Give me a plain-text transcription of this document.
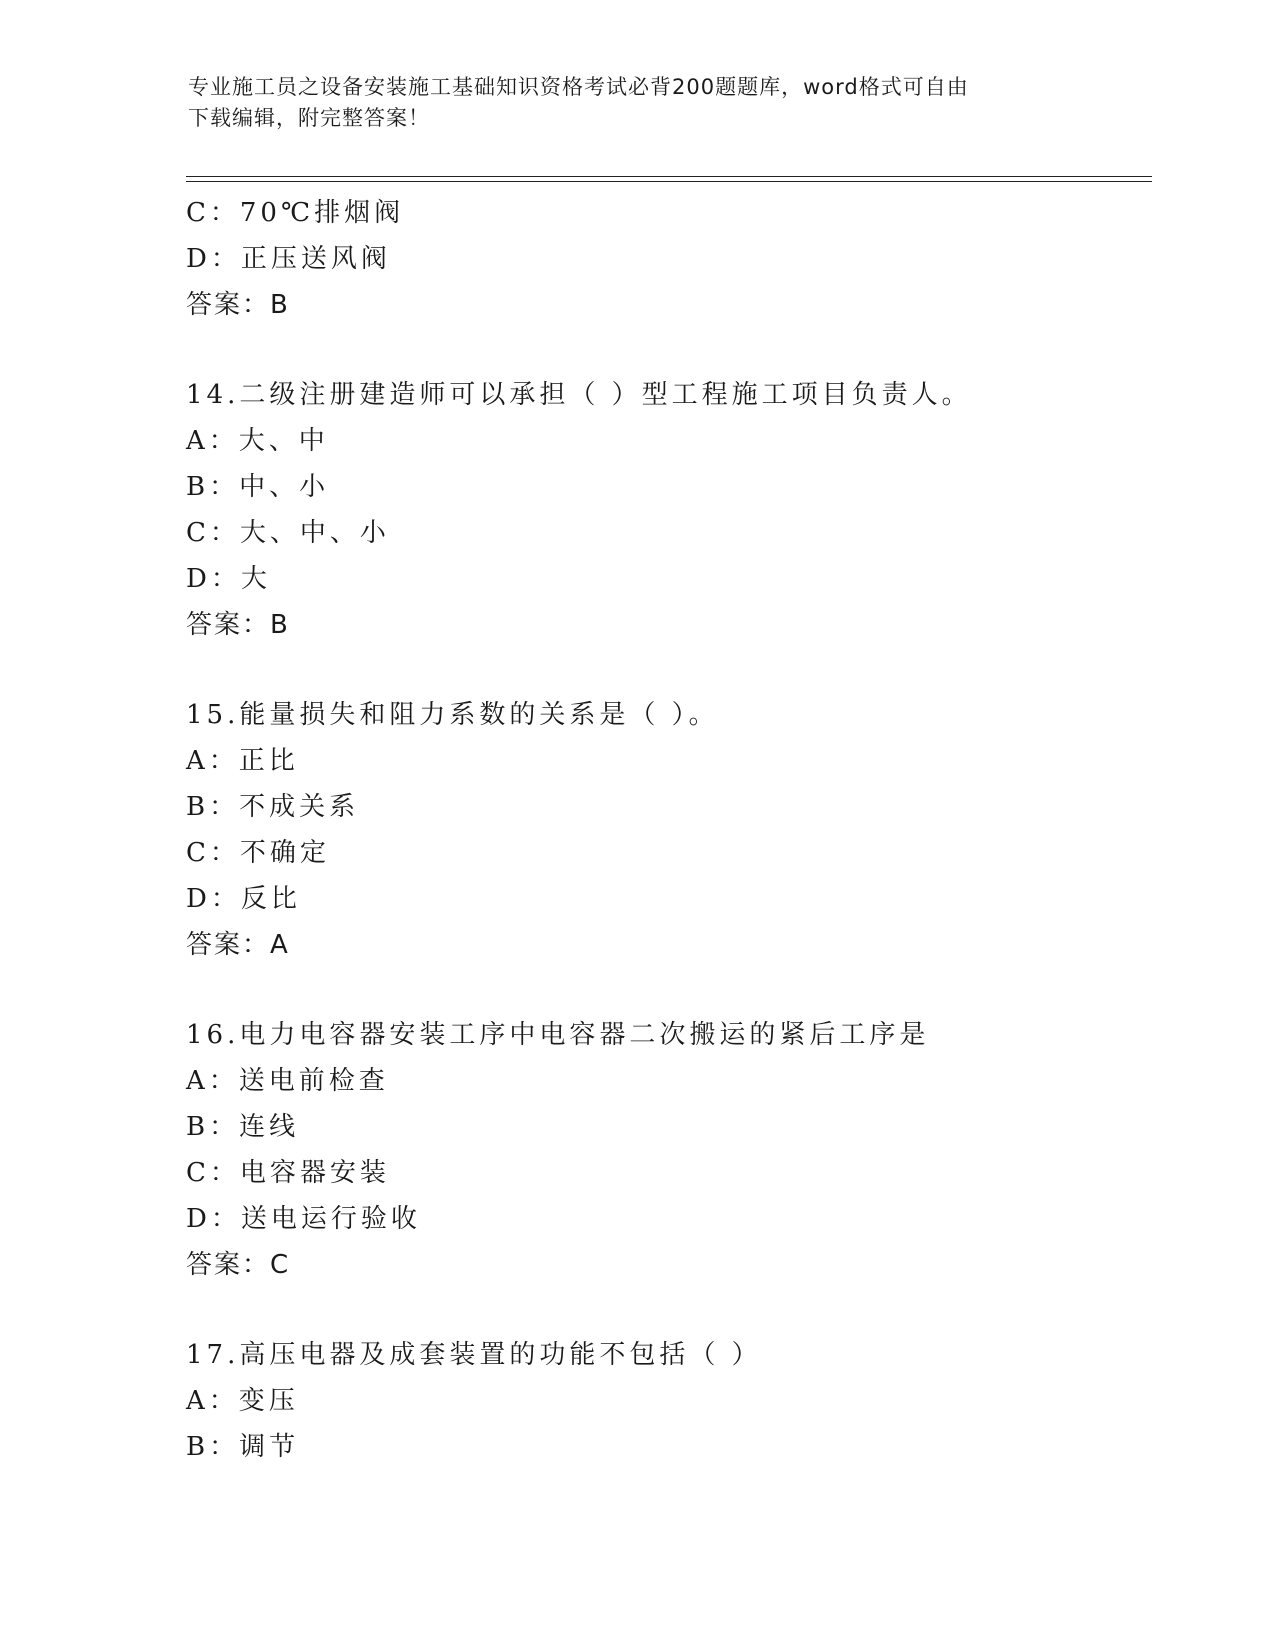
专业施工员之设备安装施工基础知识资格考试必背200题题库，word格式可自由
下载编辑，附完整答案！
C：70℃排烟阀
D：正压送风阀
答案：B
14.二级注册建造师可以承担（ ）型工程施工项目负责人。
A：大、中
B：中、小
C：大、中、小
D：大
答案：B
15.能量损失和阻力系数的关系是（ ）。
A：正比
B：不成关系
C：不确定
D：反比
答案：A
16.电力电容器安装工序中电容器二次搬运的紧后工序是
A：送电前检查
B：连线
C：电容器安装
D：送电运行验收
答案：C
17.高压电器及成套装置的功能不包括（ ）
A：变压
B：调节
